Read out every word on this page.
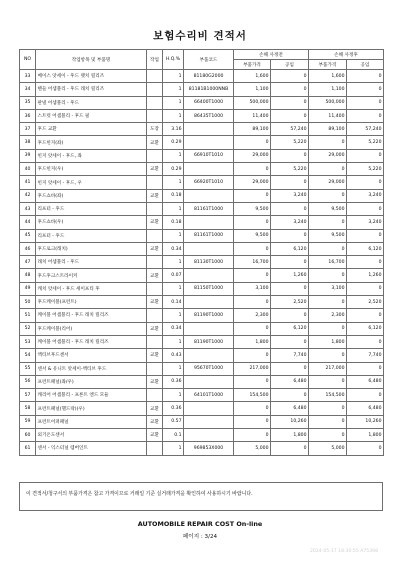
보험수리비 견적서
NO	작업항목 및 부품명	작업	H.Q.%	부품코드	손해 사정전		손해 사정후	
					부품가격	공임	부품가격	공임
33	베이스 앗세이 - 후드 랫치 릴리즈		1	81180G2000	1,600	0	1,600	0
34	핸들 어셈블리 - 후드 래치 릴리즈		1	81181B1000NNB	1,100	0	1,100	0
35	판넬 어셈블리 - 후드		1	66400T1000	500,000	0	500,000	0
36	스트럿 어셈블리 - 후드 필		1	86435T1000	11,400	0	11,400	0
37	후드 교환	도장	3.16		89,100	57,240	89,100	57,240
38	후드힌지(좌)	교환	0.29		0	5,220	0	5,220
39	힌지 앗세이 - 후드, 좌		1	66910T1010	29,000	0	29,000	0
40	후드힌지(우)	교환	0.29		0	5,220	0	5,220
41	힌지 앗세이 - 후드, 우		1	66920T1010	29,000	0	29,000	0
42	후드쇼바(좌)	교환	0.18		0	3,240	0	3,240
43	리프터 - 후드		1	81161T1000	9,500	0	9,500	0
44	후드쇼바(우)	교환	0.18		0	3,240	0	3,240
45	리프터 - 후드		1	81161T1000	9,500	0	9,500	0
46	후드로크(래치)	교환	0.34		0	6,120	0	6,120
47	래치 어셈블리 - 후드		1	81130T1000	16,700	0	16,700	0
48	후드후크스트라이커	교환	0.07		0	1,260	0	1,260
49	캐치 앗세이 - 후드 세이프티 후		1	81150T1000	3,100	0	3,100	0
50	후드케이블(프런트)	교환	0.14		0	2,520	0	2,520
51	케이블 어셈블리 - 후드 래치 릴리즈		1	81190T1000	2,300	0	2,300	0
52	후드케이블(리어)	교환	0.34		0	6,120	0	6,120
53	케이블 어셈블리 - 후드 래치 릴리즈		1	81190T1000	1,800	0	1,800	0
54	액티브후드센서	교환	0.43		0	7,740	0	7,740
55	센서 & 유니트 앗세이-액티브 후드		1	95670T1000	217,000	0	217,000	0
56	프런트패널(좌/우)	교환	0.36		0	6,480	0	6,480
57	캐리어 어셈블리 - 프론트 엔드 모듈		1	64101T1000	154,500	0	154,500	0
58	프런트패널(헬드락)(우)	교환	0.36		0	6,480	0	6,480
59	프런트어퍼패널	교환	0.57		0	10,260	0	10,260
60	외기온도센서	교환	0.1		0	1,800	0	1,800
61	센서 - 익스터널 템버인트		1	969853X000	5,000	0	5,000	0
이 견적서/청구서의 부품가격은 참고 가격이므로 거래일 기준 실거래가격을 확인하여 사용하시기 바랍니다.
AUTOMOBILE REPAIR COST On-line
페이지 : 3/24
2024-05-17 18:30:55 A75398
